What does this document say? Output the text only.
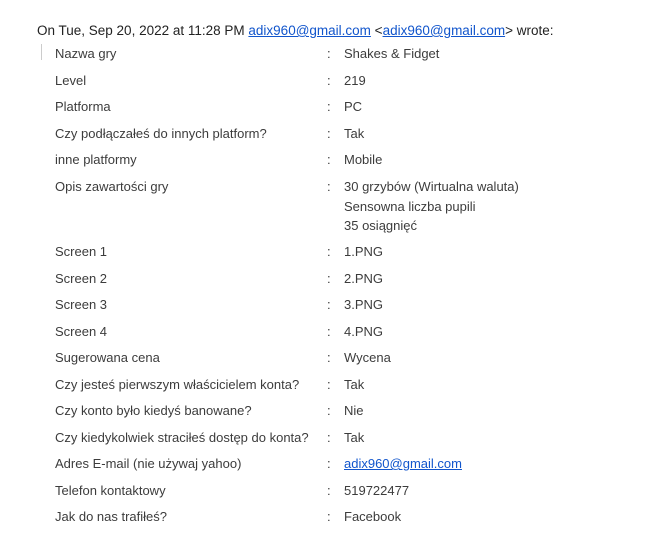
On Tue, Sep 20, 2022 at 11:28 PM adix960@gmail.com <adix960@gmail.com> wrote:
Nazwa gry	: Shakes & Fidget
Level	: 219
Platforma	: PC
Czy podłączałeś do innych platform?	: Tak
inne platformy	: Mobile
Opis zawartości gry	: 30 grzybów (Wirtualna waluta)
Sensowna liczba pupili
35 osiągnięć
Screen 1	: 1.PNG
Screen 2	: 2.PNG
Screen 3	: 3.PNG
Screen 4	: 4.PNG
Sugerowana cena	: Wycena
Czy jesteś pierwszym właścicielem konta? : Tak
Czy konto było kiedyś banowane?	: Nie
Czy kiedykolwiek straciłeś dostęp do konta? : Tak
Adres E-mail (nie używaj yahoo)	: adix960@gmail.com
Telefon kontaktowy	: 519722477
Jak do nas trafiłeś?	: Facebook
